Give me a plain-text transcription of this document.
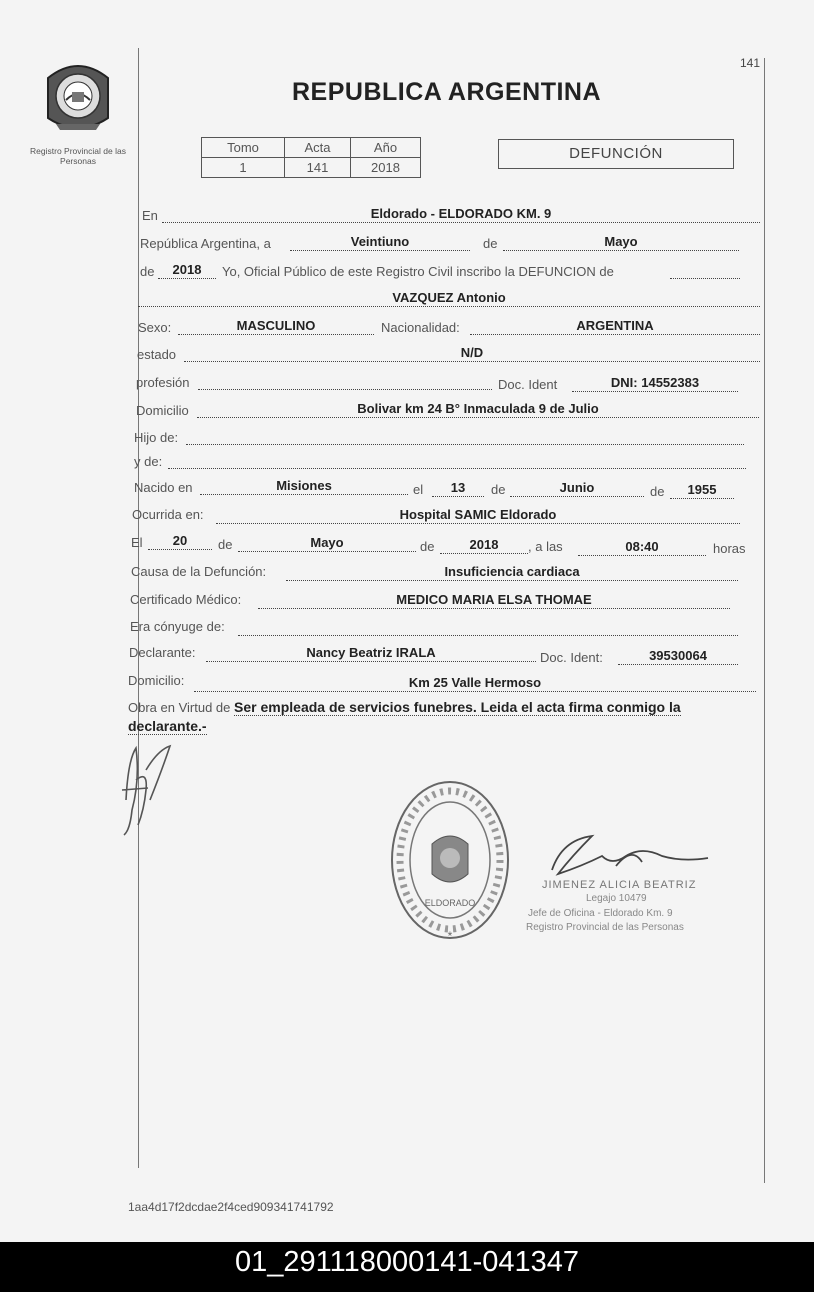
141
Registro Provincial de las Personas
REPUBLICA ARGENTINA
Tomo	Acta	Año
1	141	2018
DEFUNCIÓN
En	Eldorado - ELDORADO KM. 9
República Argentina, a	Veintiuno	de	Mayo
de	2018	Yo, Oficial Público de este Registro Civil inscribo la DEFUNCION de
VAZQUEZ Antonio
Sexo:	MASCULINO	Nacionalidad:	ARGENTINA
estado	N/D
profesión	Doc. Ident	DNI: 14552383
Domicilio	Bolivar km 24 B° Inmaculada 9 de Julio
Hijo de:
y de:
Nacido en	Misiones	el	13	de	Junio	de	1955
Ocurrida en:	Hospital SAMIC Eldorado
El	20	de	Mayo	de	2018	, a las	08:40	horas
Causa de la Defunción:	Insuficiencia cardiaca
Certificado Médico:	MEDICO MARIA ELSA THOMAE
Era cónyuge de:
Declarante:	Nancy Beatriz IRALA	Doc. Ident:	39530064
Domicilio:	Km 25 Valle Hermoso
Obra en Virtud de Ser empleada de servicios funebres. Leida el acta firma conmigo la declarante.-
ELDORADO
*
JIMENEZ ALICIA BEATRIZ
Legajo 10479
Jefe de Oficina - Eldorado Km. 9
Registro Provincial de las Personas
1aa4d17f2dcdae2f4ced909341741792
01_291118000141-041347
